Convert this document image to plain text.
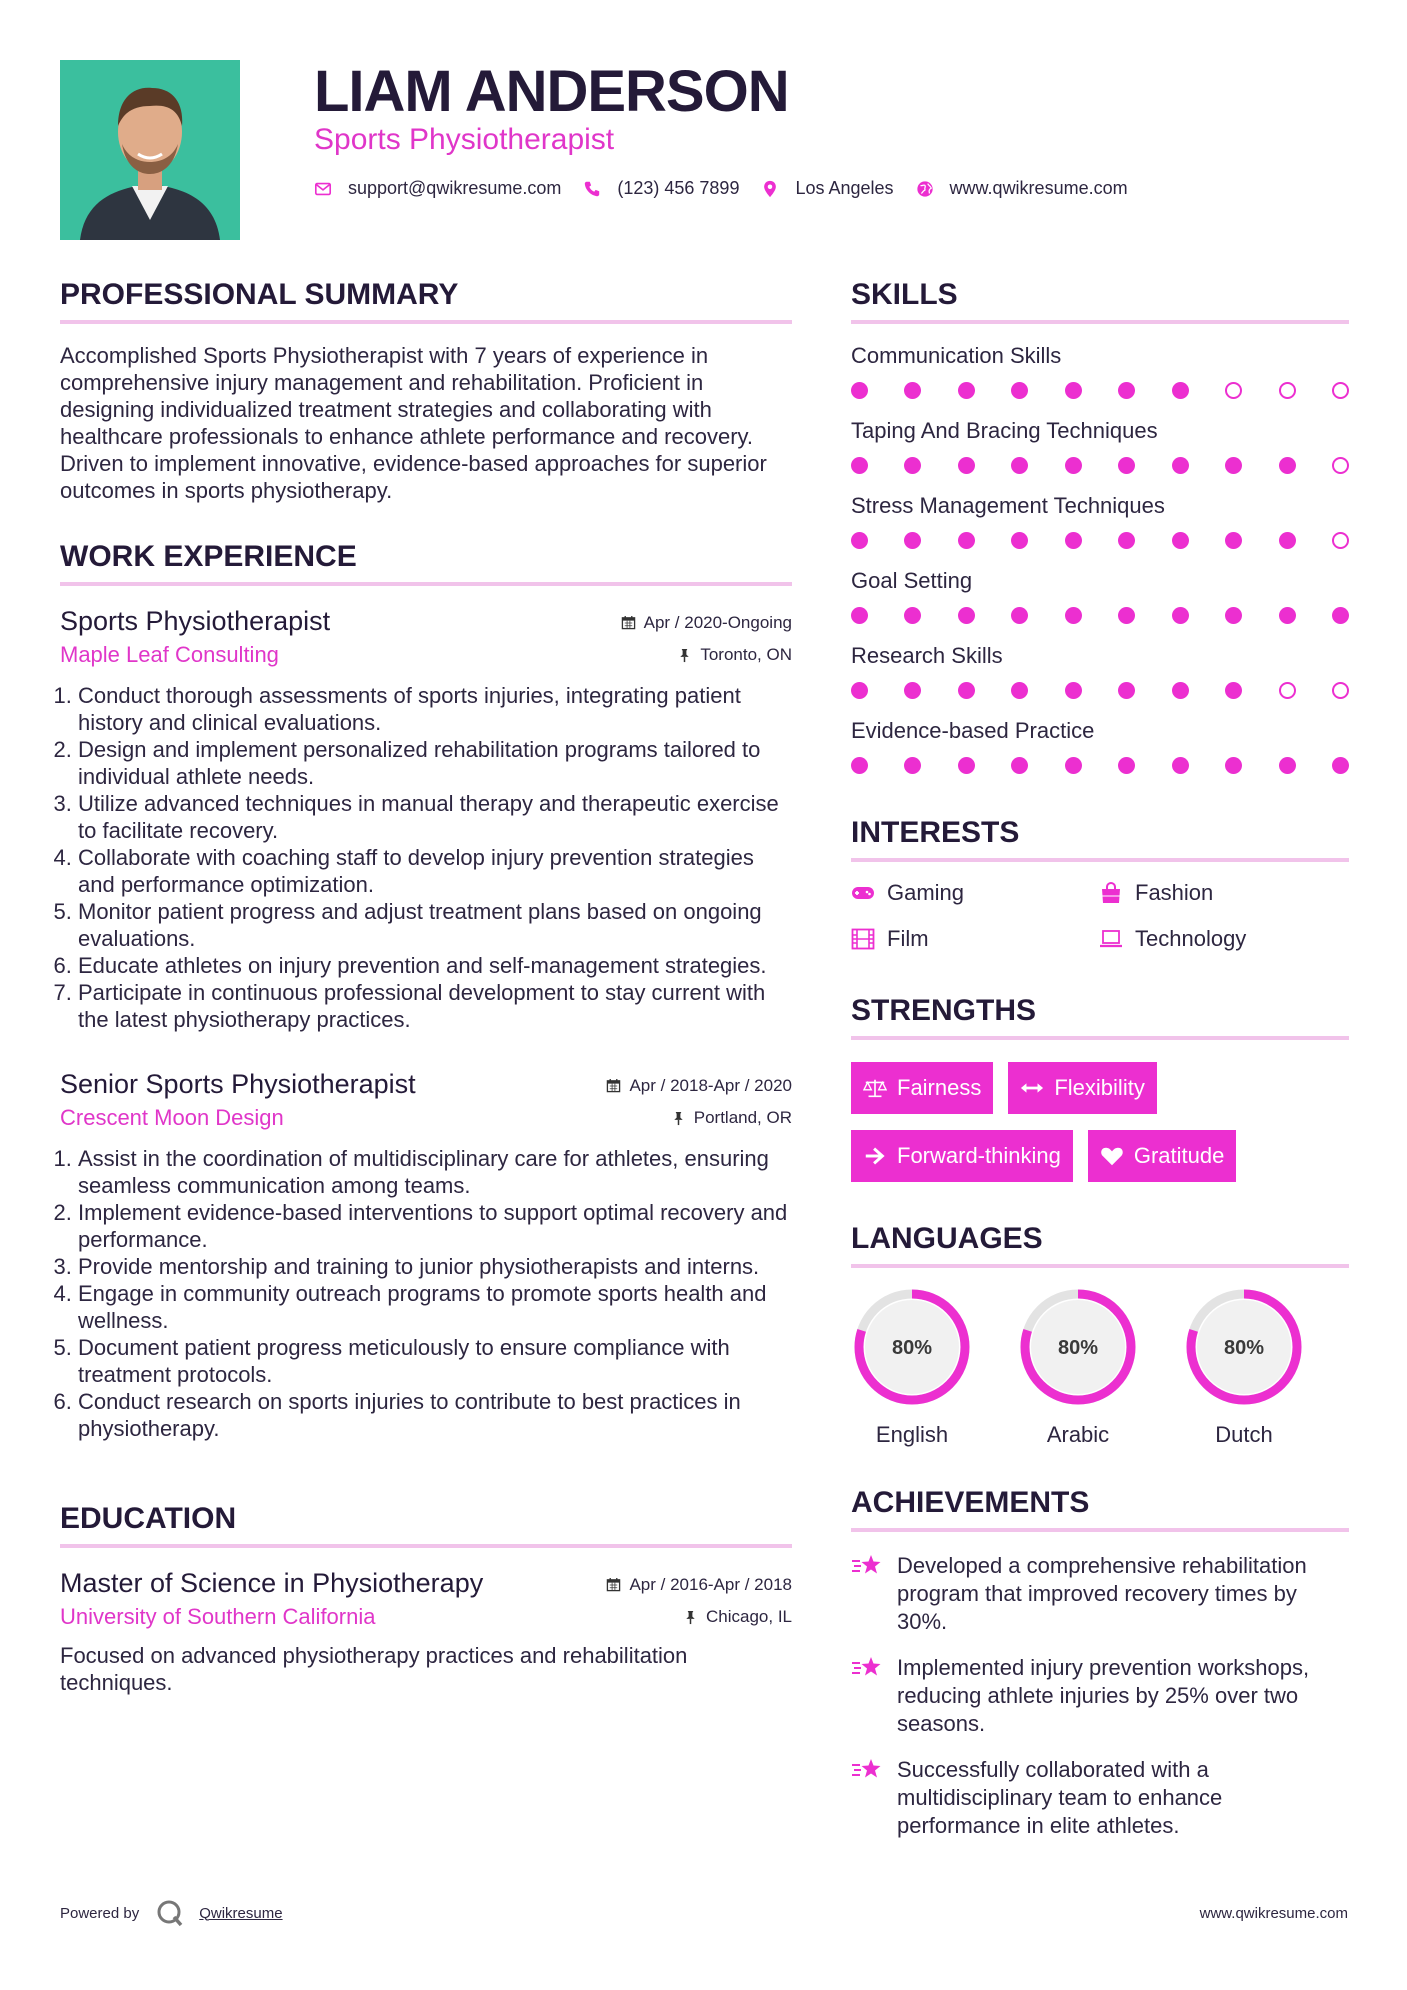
LIAM ANDERSON
Sports Physiotherapist
support@qwikresume.com	(123) 456 7899	Los Angeles	www.qwikresume.com
PROFESSIONAL SUMMARY

Accomplished Sports Physiotherapist with 7 years of experience in comprehensive injury management and rehabilitation. Proficient in designing individualized treatment strategies and collaborating with healthcare professionals to enhance athlete performance and recovery. Driven to implement innovative, evidence-based approaches for superior outcomes in sports physiotherapy.

WORK EXPERIENCE
Sports Physiotherapist	Apr / 2020-Ongoing
Maple Leaf Consulting	Toronto, ON
1. Conduct thorough assessments of sports injuries, integrating patient history and clinical evaluations.
2. Design and implement personalized rehabilitation programs tailored to individual athlete needs.
3. Utilize advanced techniques in manual therapy and therapeutic exercise to facilitate recovery.
4. Collaborate with coaching staff to develop injury prevention strategies and performance optimization.
5. Monitor patient progress and adjust treatment plans based on ongoing evaluations.
6. Educate athletes on injury prevention and self-management strategies.
7. Participate in continuous professional development to stay current with the latest physiotherapy practices.
Senior Sports Physiotherapist	Apr / 2018-Apr / 2020
Crescent Moon Design	Portland, OR
1. Assist in the coordination of multidisciplinary care for athletes, ensuring seamless communication among teams.
2. Implement evidence-based interventions to support optimal recovery and performance.
3. Provide mentorship and training to junior physiotherapists and interns.
4. Engage in community outreach programs to promote sports health and wellness.
5. Document patient progress meticulously to ensure compliance with treatment protocols.
6. Conduct research on sports injuries to contribute to best practices in physiotherapy.
EDUCATION
Master of Science in Physiotherapy	Apr / 2016-Apr / 2018
University of Southern California	Chicago, IL

Focused on advanced physiotherapy practices and rehabilitation techniques.

SKILLS
Communication Skills
Taping And Bracing Techniques
Stress Management Techniques
Goal Setting
Research Skills
Evidence-based Practice
INTERESTS
Gaming	Fashion
Film	Technology
STRENGTHS
Fairness	Flexibility
Forward-thinking	Gratitude
LANGUAGES
80%
English
80%
Arabic
80%
Dutch
ACHIEVEMENTS
Developed a comprehensive rehabilitation program that improved recovery times by 30%.
Implemented injury prevention workshops, reducing athlete injuries by 25% over two seasons.
Successfully collaborated with a multidisciplinary team to enhance performance in elite athletes.
Powered by	Qwikresume	www.qwikresume.com
